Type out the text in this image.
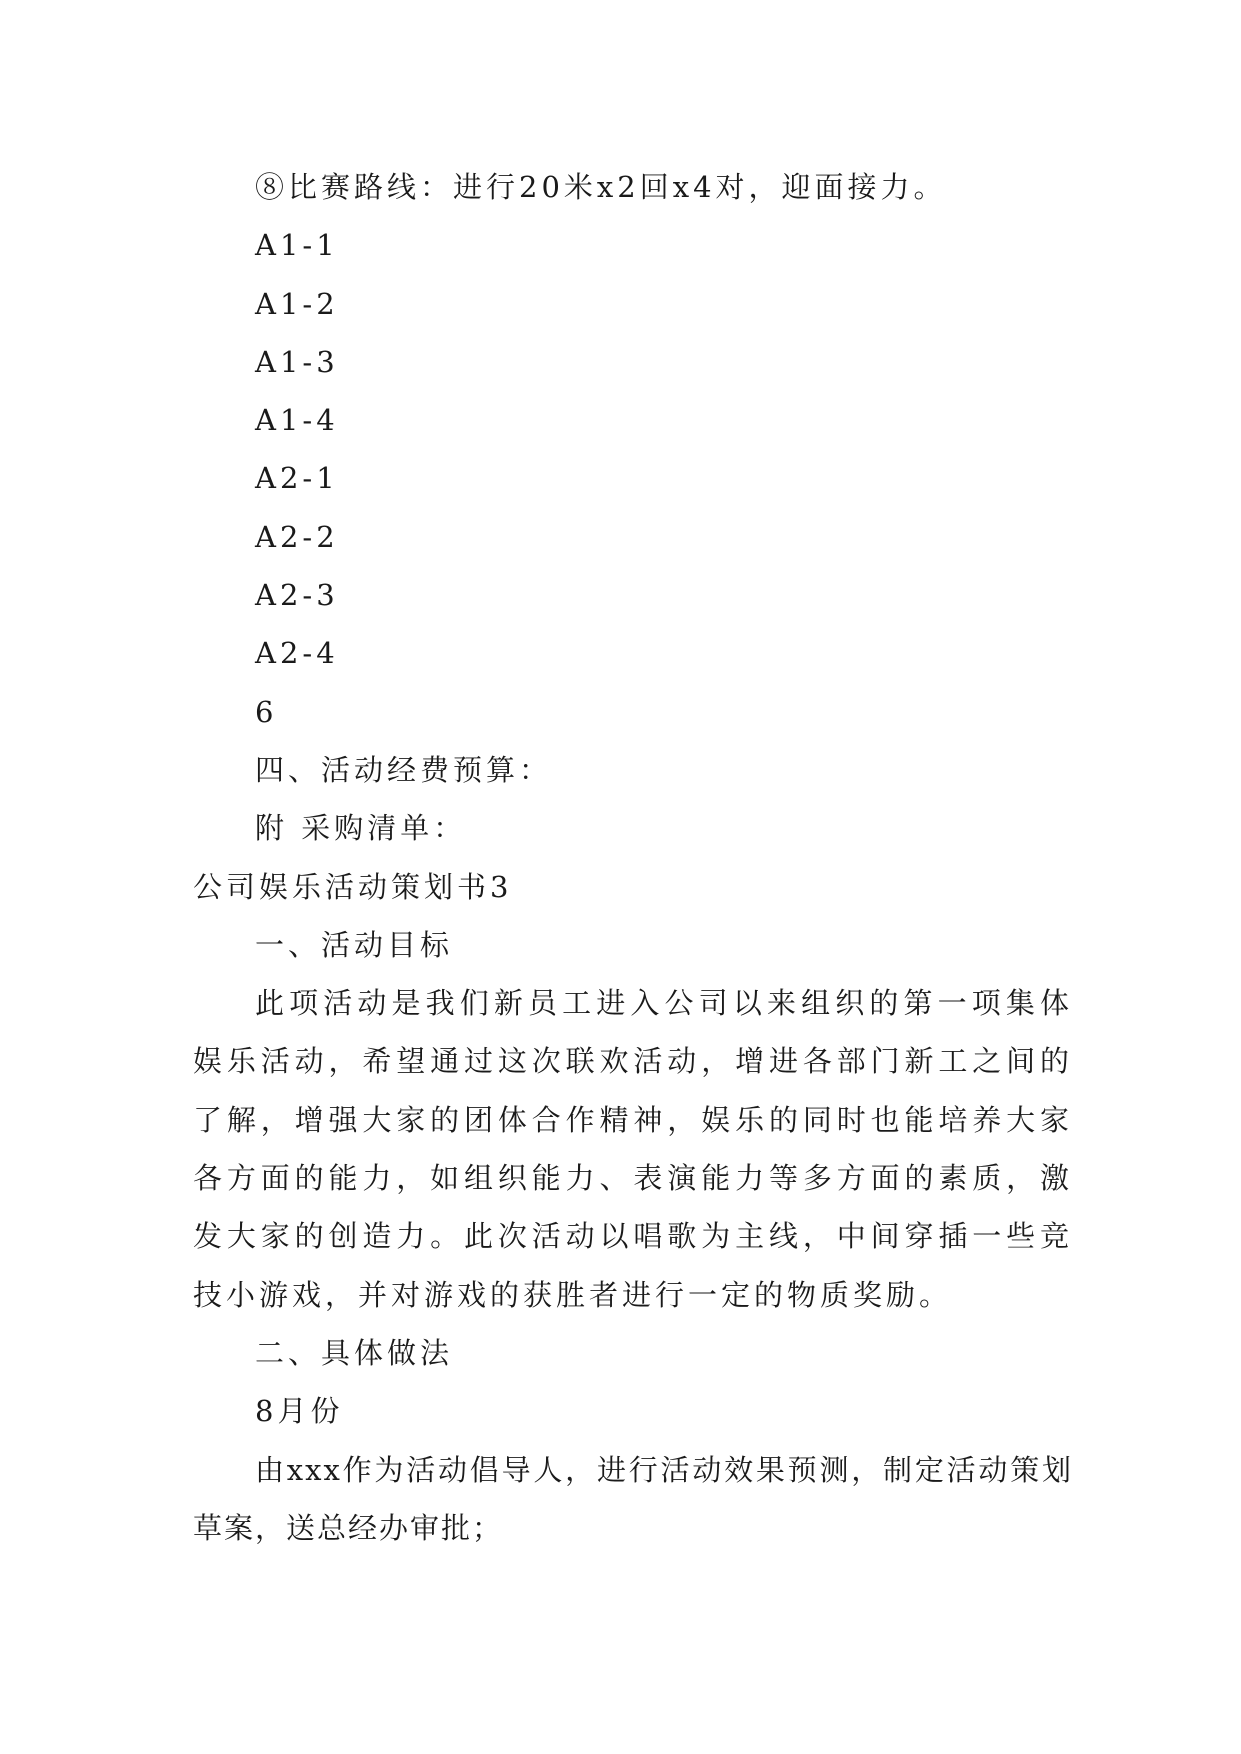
⑧比赛路线：进行20米x2回x4对，迎面接力。
A1-1
A1-2
A1-3
A1-4
A2-1
A2-2
A2-3
A2-4
6
四、活动经费预算：
附 采购清单：
公司娱乐活动策划书3
一、活动目标

此项活动是我们新员工进入公司以来组织的第一项集体娱乐活动，希望通过这次联欢活动，增进各部门新工之间的了解，增强大家的团体合作精神，娱乐的同时也能培养大家各方面的能力，如组织能力、表演能力等多方面的素质，激发大家的创造力。此次活动以唱歌为主线，中间穿插一些竞技小游戏，并对游戏的获胜者进行一定的物质奖励。

二、具体做法
8月份

由xxx作为活动倡导人，进行活动效果预测，制定活动策划草案，送总经办审批；
